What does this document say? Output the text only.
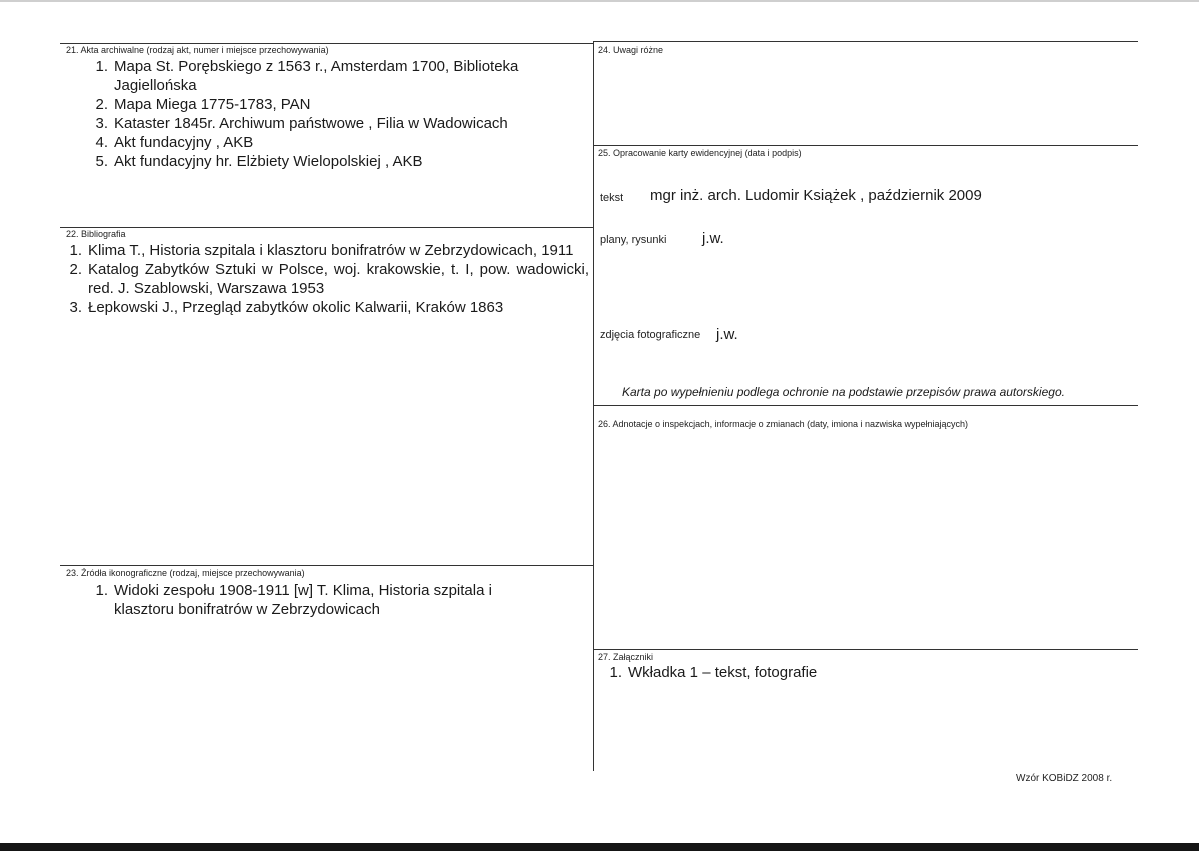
21. Akta archiwalne (rodzaj akt, numer i miejsce przechowywania)
1. Mapa St. Porębskiego z 1563 r., Amsterdam 1700, Biblioteka Jagiellońska
2. Mapa Miega 1775-1783, PAN
3. Kataster 1845r. Archiwum państwowe , Filia w Wadowicach
4. Akt fundacyjny , AKB
5. Akt fundacyjny hr. Elżbiety Wielopolskiej , AKB
22. Bibliografia
1. Klima T., Historia szpitala i klasztoru bonifratrów w Zebrzydowicach, 1911
2. Katalog Zabytków Sztuki w Polsce, woj. krakowskie, t. I, pow. wadowicki, red. J. Szablowski, Warszawa 1953
3. Łepkowski J., Przegląd zabytków okolic Kalwarii, Kraków 1863
23. Źródła ikonograficzne (rodzaj, miejsce przechowywania)
1. Widoki zespołu 1908-1911 [w] T. Klima, Historia szpitala i klasztoru bonifratrów w Zebrzydowicach
24. Uwagi różne
25. Opracowanie karty ewidencyjnej (data i podpis)
tekst mgr inż. arch. Ludomir Książek , październik 2009
plany, rysunki j.w.
zdjęcia fotograficzne j.w.
Karta po wypełnieniu podlega ochronie na podstawie przepisów prawa autorskiego.
26. Adnotacje o inspekcjach, informacje o zmianach (daty, imiona i nazwiska wypełniających)
27. Załączniki
1. Wkładka 1 – tekst, fotografie
Wzór KOBiDZ 2008 r.
